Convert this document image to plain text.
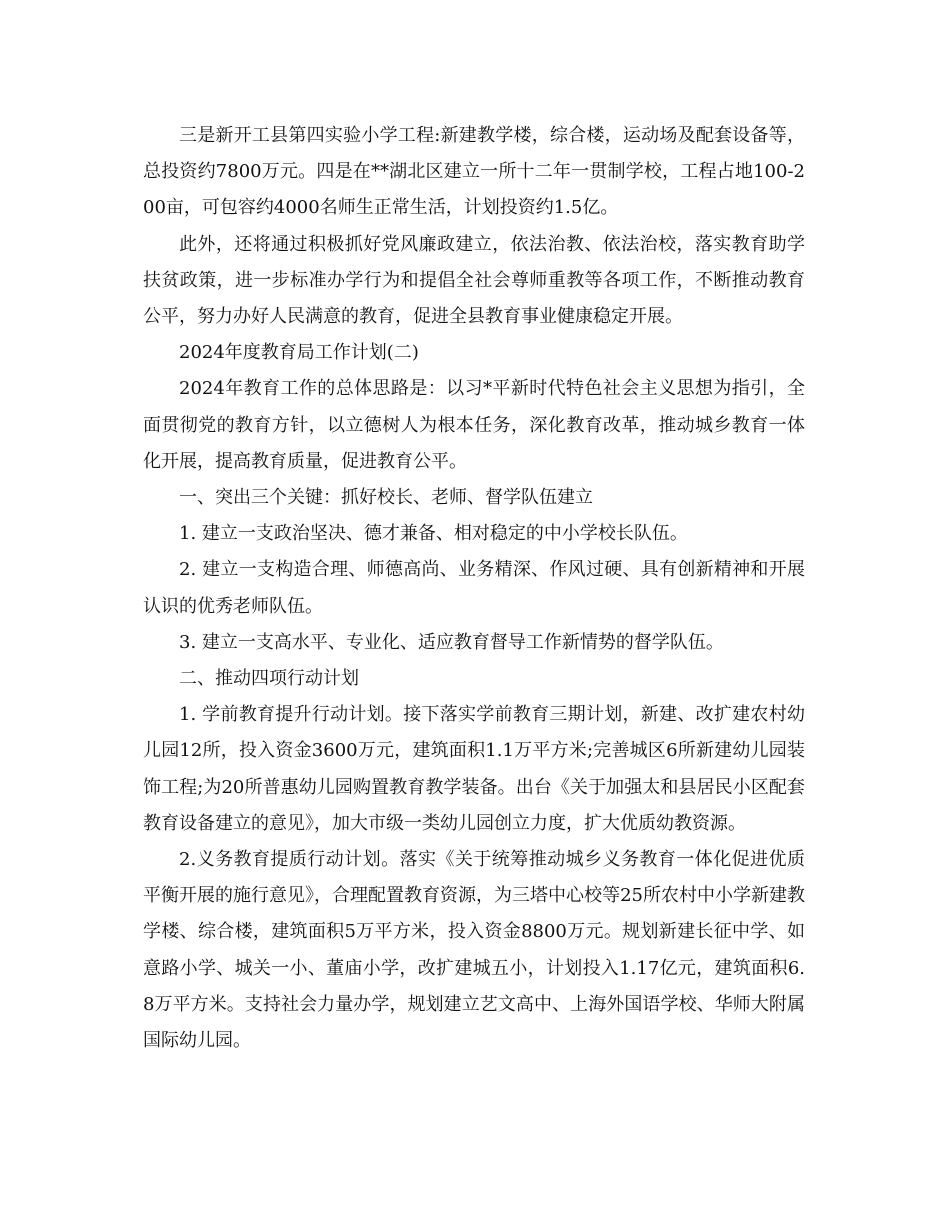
三是新开工县第四实验小学工程:新建教学楼，综合楼，运动场及配套设备等，总投资约7800万元。四是在**湖北区建立一所十二年一贯制学校，工程占地100-200亩，可包容约4000名师生正常生活，计划投资约1.5亿。

此外，还将通过积极抓好党风廉政建立，依法治教、依法治校，落实教育助学扶贫政策，进一步标准办学行为和提倡全社会尊师重教等各项工作，不断推动教育公平，努力办好人民满意的教育，促进全县教育事业健康稳定开展。

2024年度教育局工作计划(二)

2024年教育工作的总体思路是：以习*平新时代特色社会主义思想为指引，全面贯彻党的教育方针，以立德树人为根本任务，深化教育改革，推动城乡教育一体化开展，提高教育质量，促进教育公平。

一、突出三个关键：抓好校长、老师、督学队伍建立

1. 建立一支政治坚决、德才兼备、相对稳定的中小学校长队伍。

2. 建立一支构造合理、师德高尚、业务精深、作风过硬、具有创新精神和开展认识的优秀老师队伍。

3. 建立一支高水平、专业化、适应教育督导工作新情势的督学队伍。

二、推动四项行动计划

1. 学前教育提升行动计划。接下落实学前教育三期计划，新建、改扩建农村幼儿园12所，投入资金3600万元，建筑面积1.1万平方米;完善城区6所新建幼儿园装饰工程;为20所普惠幼儿园购置教育教学装备。出台《关于加强太和县居民小区配套教育设备建立的意见》，加大市级一类幼儿园创立力度，扩大优质幼教资源。

2.义务教育提质行动计划。落实《关于统筹推动城乡义务教育一体化促进优质平衡开展的施行意见》，合理配置教育资源，为三塔中心校等25所农村中小学新建教学楼、综合楼，建筑面积5万平方米，投入资金8800万元。规划新建长征中学、如意路小学、城关一小、董庙小学，改扩建城五小，计划投入1.17亿元，建筑面积6.8万平方米。支持社会力量办学，规划建立艺文高中、上海外国语学校、华师大附属国际幼儿园。
